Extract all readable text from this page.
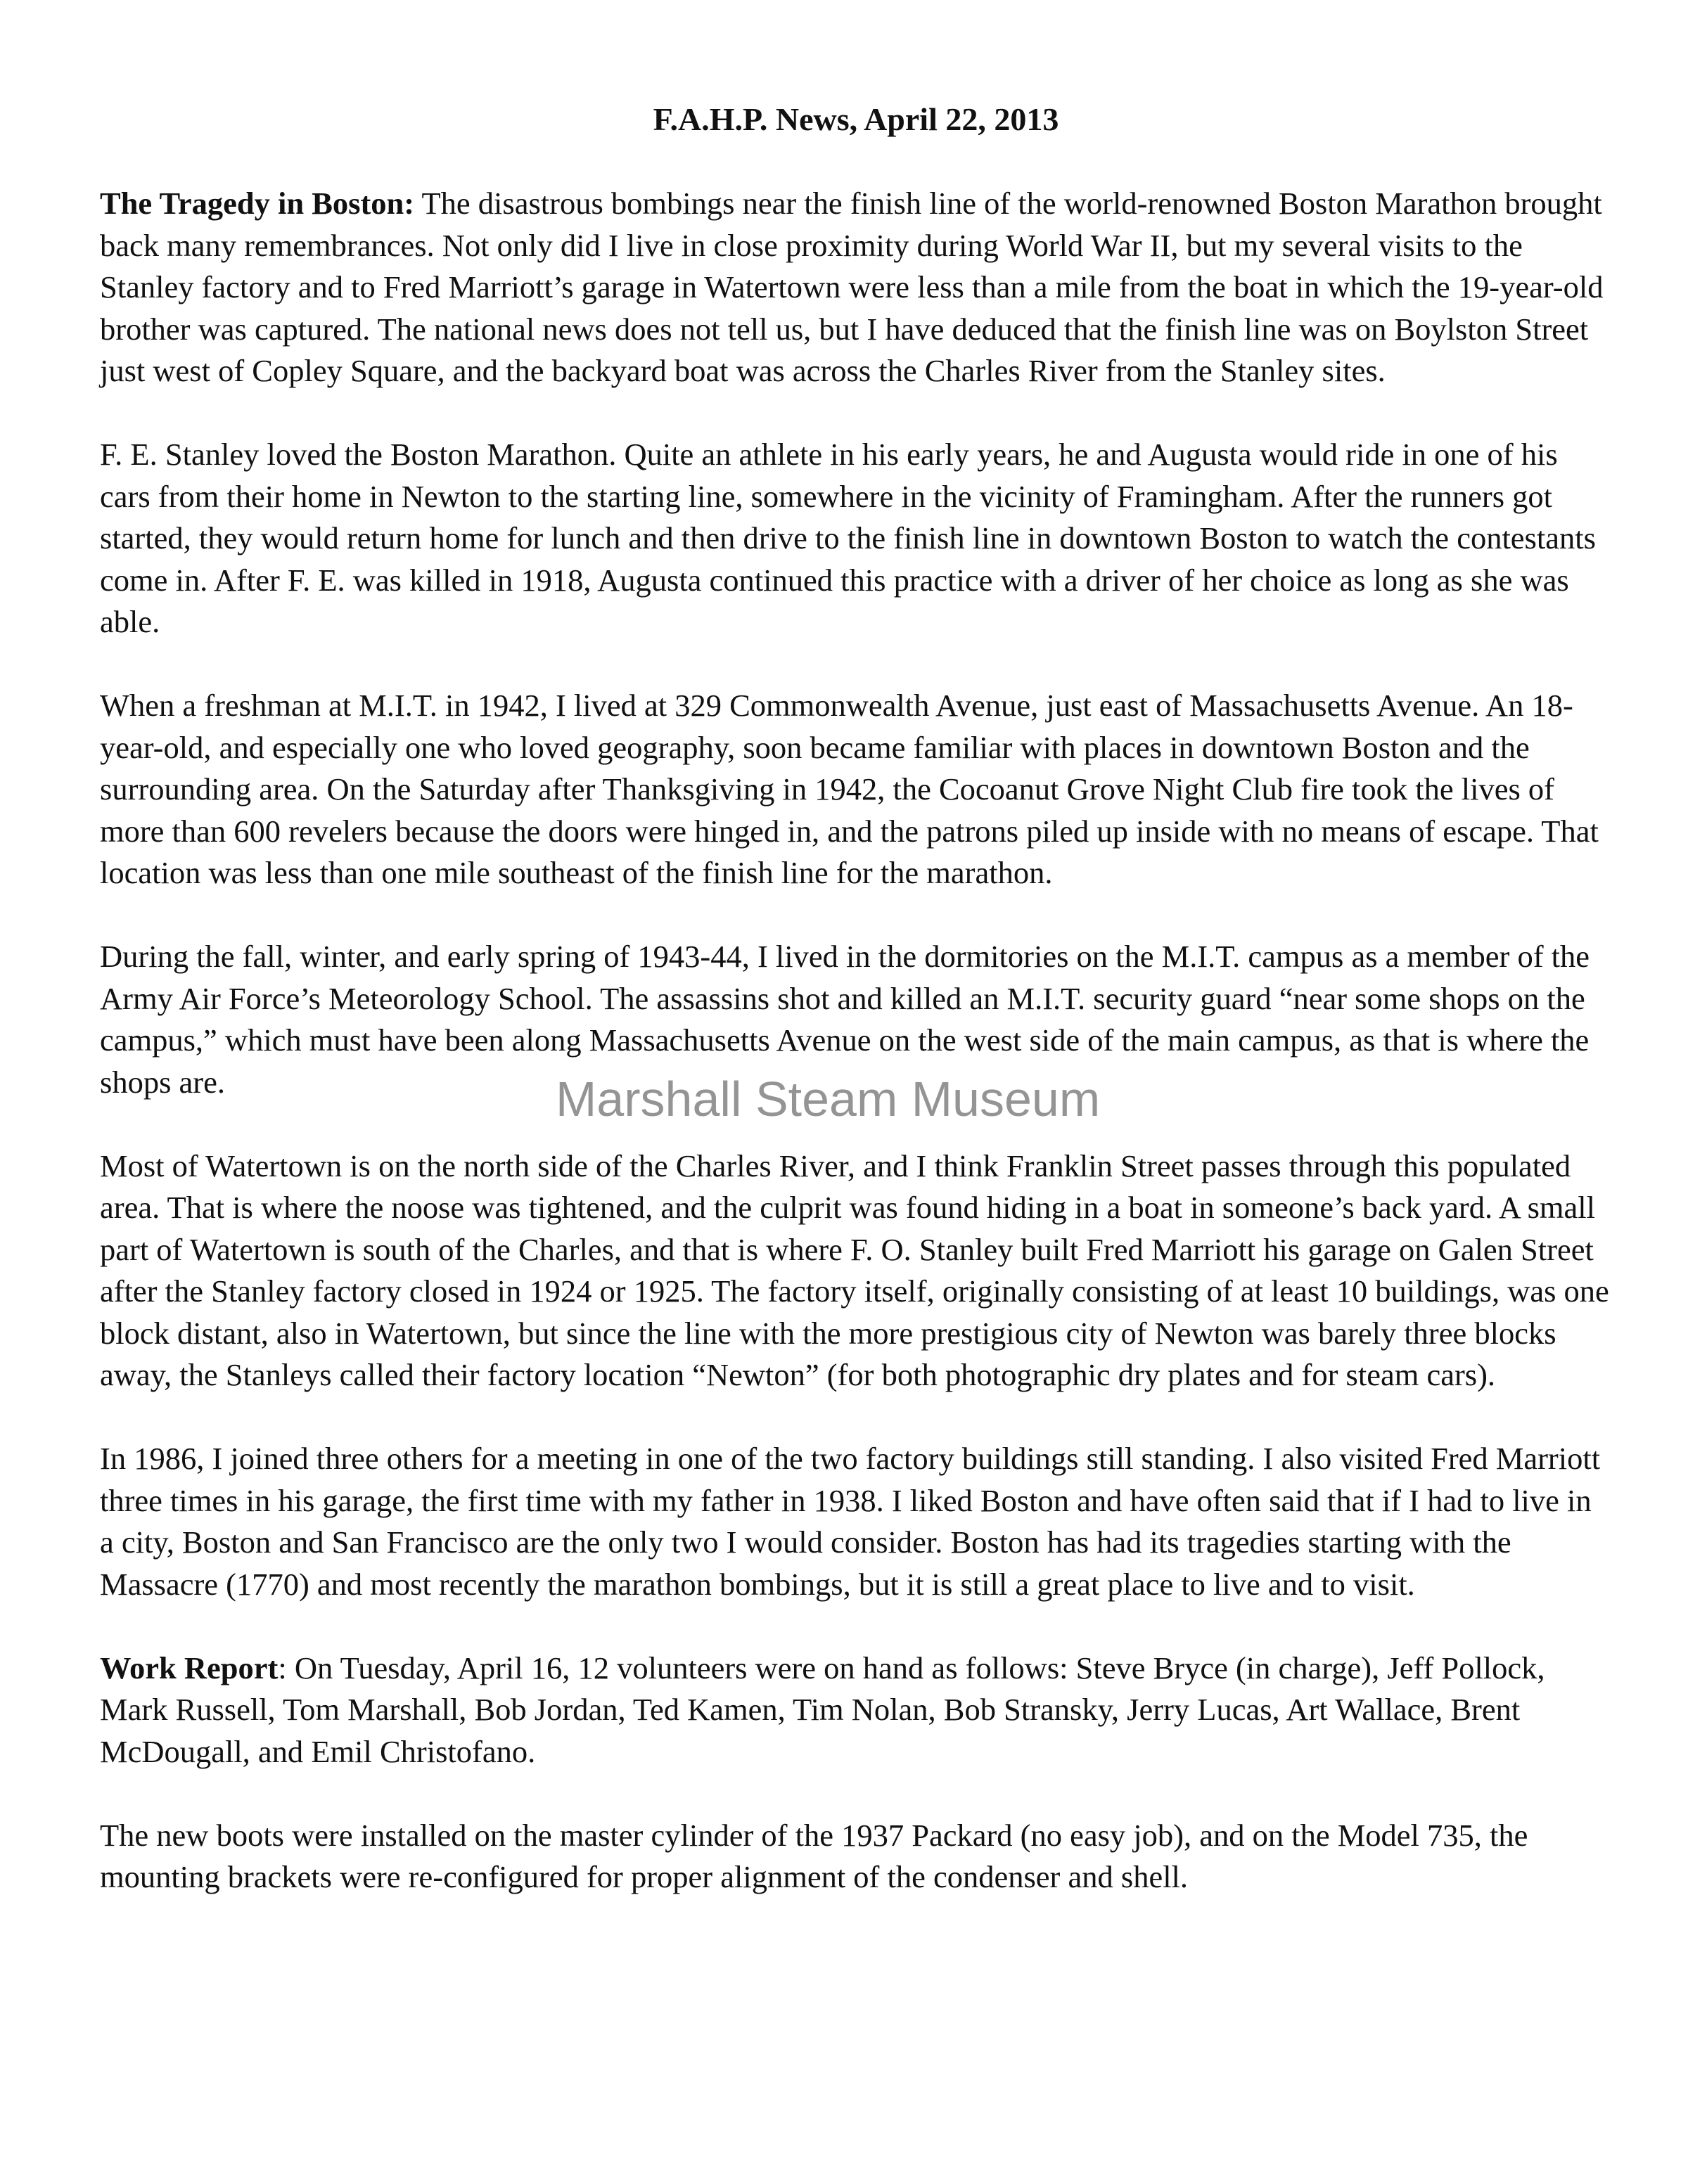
F.A.H.P. News, April 22, 2013

The Tragedy in Boston: The disastrous bombings near the finish line of the world-renowned Boston Marathon brought back many remembrances. Not only did I live in close proximity during World War II, but my several visits to the Stanley factory and to Fred Marriott’s garage in Watertown were less than a mile from the boat in which the 19-year-old brother was captured. The national news does not tell us, but I have deduced that the finish line was on Boylston Street just west of Copley Square, and the backyard boat was across the Charles River from the Stanley sites.

F. E. Stanley loved the Boston Marathon. Quite an athlete in his early years, he and Augusta would ride in one of his cars from their home in Newton to the starting line, somewhere in the vicinity of Framingham. After the runners got started, they would return home for lunch and then drive to the finish line in downtown Boston to watch the contestants come in. After F. E. was killed in 1918, Augusta continued this practice with a driver of her choice as long as she was able.

When a freshman at M.I.T. in 1942, I lived at 329 Commonwealth Avenue, just east of Massachusetts Avenue. An 18-year-old, and especially one who loved geography, soon became familiar with places in downtown Boston and the surrounding area. On the Saturday after Thanksgiving in 1942, the Cocoanut Grove Night Club fire took the lives of more than 600 revelers because the doors were hinged in, and the patrons piled up inside with no means of escape. That location was less than one mile southeast of the finish line for the marathon.

During the fall, winter, and early spring of 1943-44, I lived in the dormitories on the M.I.T. campus as a member of the Army Air Force’s Meteorology School. The assassins shot and killed an M.I.T. security guard “near some shops on the campus,” which must have been along Massachusetts Avenue on the west side of the main campus, as that is where the shops are.

Most of Watertown is on the north side of the Charles River, and I think Franklin Street passes through this populated area. That is where the noose was tightened, and the culprit was found hiding in a boat in someone’s back yard. A small part of Watertown is south of the Charles, and that is where F. O. Stanley built Fred Marriott his garage on Galen Street after the Stanley factory closed in 1924 or 1925. The factory itself, originally consisting of at least 10 buildings, was one block distant, also in Watertown, but since the line with the more prestigious city of Newton was barely three blocks away, the Stanleys called their factory location “Newton” (for both photographic dry plates and for steam cars).

In 1986, I joined three others for a meeting in one of the two factory buildings still standing. I also visited Fred Marriott three times in his garage, the first time with my father in 1938. I liked Boston and have often said that if I had to live in a city, Boston and San Francisco are the only two I would consider. Boston has had its tragedies starting with the Massacre (1770) and most recently the marathon bombings, but it is still a great place to live and to visit.

Work Report: On Tuesday, April 16, 12 volunteers were on hand as follows: Steve Bryce (in charge), Jeff Pollock, Mark Russell, Tom Marshall, Bob Jordan, Ted Kamen, Tim Nolan, Bob Stransky, Jerry Lucas, Art Wallace, Brent McDougall, and Emil Christofano.

The new boots were installed on the master cylinder of the 1937 Packard (no easy job), and on the Model 735, the mounting brackets were re-configured for proper alignment of the condenser and shell.

Marshall Steam Museum
